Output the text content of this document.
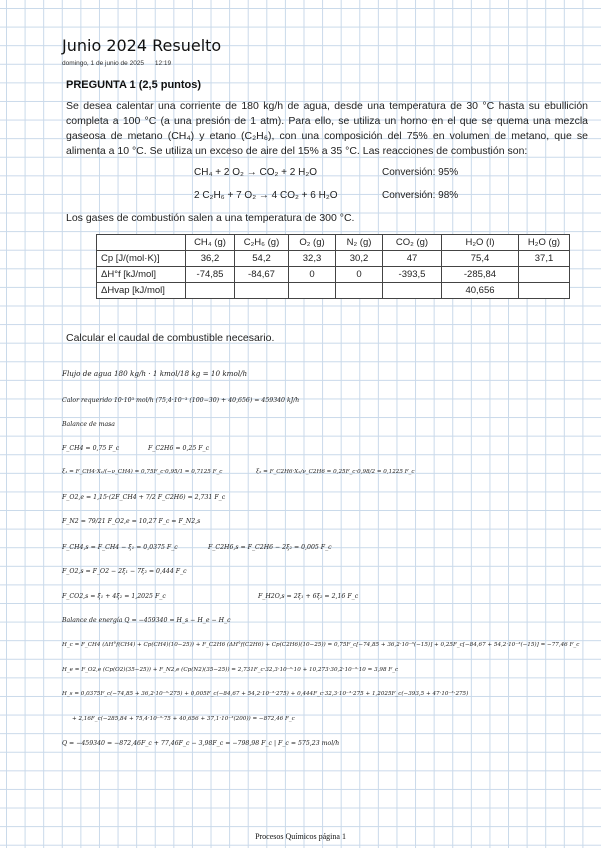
Junio 2024 Resuelto
domingo, 1 de junio de 2025 12:19
PREGUNTA 1 (2,5 puntos)
Se desea calentar una corriente de 180 kg/h de agua, desde una temperatura de 30 °C hasta su ebullición completa a 100 °C (a una presión de 1 atm). Para ello, se utiliza un horno en el que se quema una mezcla gaseosa de metano (CH₄) y etano (C₂H₆), con una composición del 75% en volumen de metano, que se alimenta a 10 °C. Se utiliza un exceso de aire del 15% a 35 °C. Las reacciones de combustión son:
CH₄ + 2 O₂ → CO₂ + 2 H₂O	Conversión: 95%
2 C₂H₆ + 7 O₂ → 4 CO₂ + 6 H₂O	Conversión: 98%
Los gases de combustión salen a una temperatura de 300 °C.
	CH₄ (g)	C₂H₆ (g)	O₂ (g)	N₂ (g)	CO₂ (g)	H₂O (l)	H₂O (g)
Cp [J/(mol·K)]	36,2	54,2	32,3	30,2	47	75,4	37,1
ΔH°f [kJ/mol]	-74,85	-84,67	0	0	-393,5	-285,84	
ΔHvap [kJ/mol]						40,656	
Calcular el caudal de combustible necesario.
Flujo de agua 180 kg/h · 1 kmol/18 kg = 10 kmol/h
Calor requerido 10·10³ mol/h (75,4·10⁻³ (100−30) + 40,656) = 459340 kJ/h
Balance de masa
F_CH4 = 0,75 F_c	F_C2H6 = 0,25 F_c
ξ₁ = F_CH4·X₁/(−ν_CH4) = 0,75F_c·0,95/1 = 0,7125 F_c	ξ₂ = F_C2H6·X₂/ν_C2H6 = 0,25F_c·0,98/2 = 0,1225 F_c
F_O2,e = 1,15·(2F_CH4 + 7/2 F_C2H6) = 2,731 F_c
F_N2 = 79/21 F_O2,e = 10,27 F_c = F_N2,s
F_CH4,s = F_CH4 − ξ₁ = 0,0375 F_c	F_C2H6,s = F_C2H6 − 2ξ₂ = 0,005 F_c
F_O2,s = F_O2 − 2ξ₁ − 7ξ₂ = 0,444 F_c
F_CO2,s = ξ₁ + 4ξ₂ = 1,2025 F_c	F_H2O,s = 2ξ₁ + 6ξ₂ = 2,16 F_c
Balance de energía Q = −459340 = H_s − H_e − H_c
H_c = F_CH4 (ΔH°f(CH4) + Cp(CH4)(10−25)) + F_C2H6 (ΔH°f(C2H6) + Cp(C2H6)(10−25)) = 0,75F_c[−74,85 + 36,2·10⁻³(−15)] + 0,25F_c[−84,67 + 54,2·10⁻³(−15)] = −77,46 F_c
H_e = F_O2,e (Cp(O2)(35−25)) + F_N2,e (Cp(N2)(35−25)) = 2,731F_c·32,3·10⁻³·10 + 10,273·30,2·10⁻³·10 = 3,98 F_c
H_s = 0,0375F_c(−74,85 + 36,2·10⁻³·275) + 0,005F_c(−84,67 + 54,2·10⁻³·275) + 0,444F_c·32,3·10⁻³·275 + 1,2025F_c(−393,5 + 47·10⁻³·275)
+ 2,16F_c(−285,84 + 75,4·10⁻³·75 + 40,656 + 37,1·10⁻³(200)) = −872,46 F_c
Q = −459340 = −872,46F_c + 77,46F_c − 3,98F_c = −798,98 F_c | F_c = 575,23 mol/h
Procesos Químicos página 1
